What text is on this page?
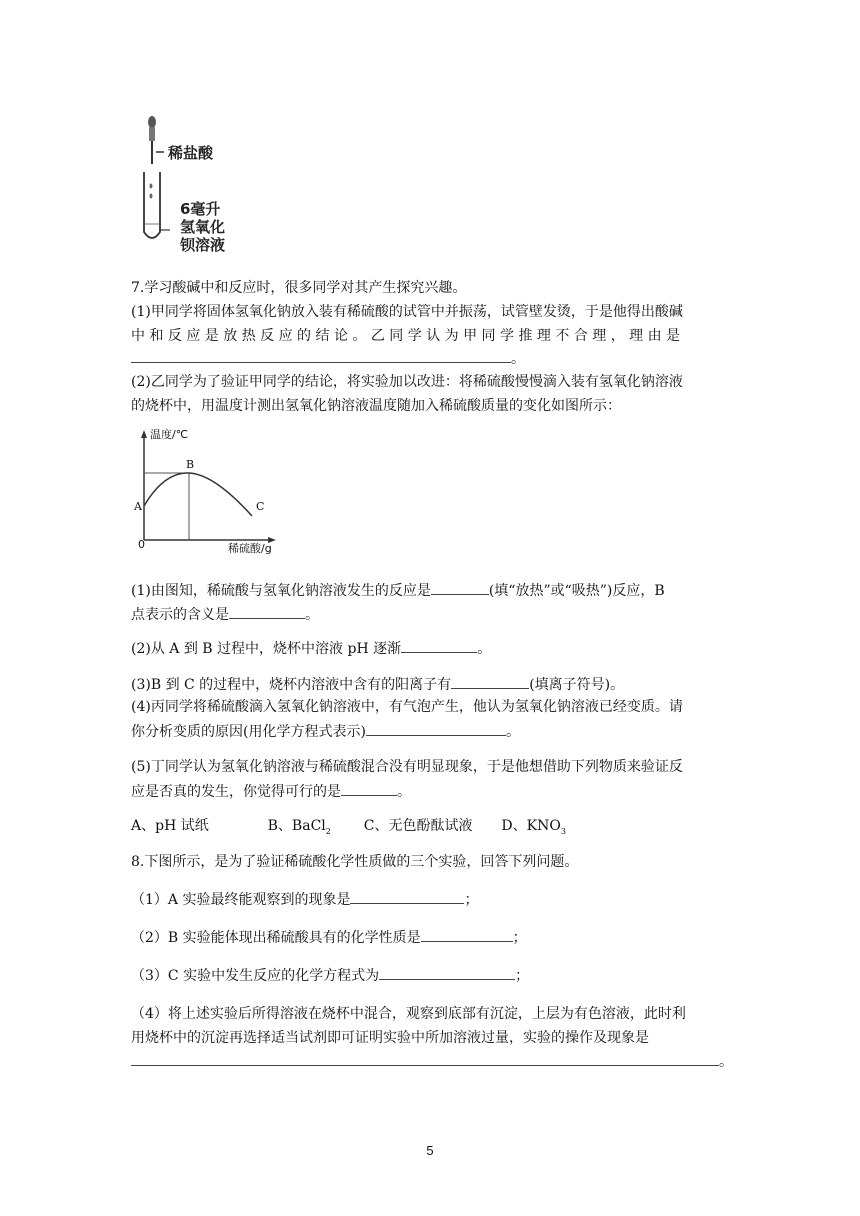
稀盐酸
6毫升
氢氧化
钡溶液
7.学习酸碱中和反应时，很多同学对其产生探究兴趣。
(1)甲同学将固体氢氧化钠放入装有稀硫酸的试管中并振荡，试管壁发烫，于是他得出酸碱
中 和 反 应 是 放 热 反 应 的 结 论 。 乙 同 学 认 为 甲 同 学 推 理 不 合 理 ， 理 由 是
。
(2)乙同学为了验证甲同学的结论，将实验加以改进：将稀硫酸慢慢滴入装有氢氧化钠溶液
的烧杯中，用温度计测出氢氧化钠溶液温度随加入稀硫酸质量的变化如图所示：
温度/℃
稀硫酸/g
0
A
B
C
(1)由图知，稀硫酸与氢氧化钠溶液发生的反应是	(填“放热”或“吸热”)反应，B
点表示的含义是	。
(2)从 A 到 B 过程中，烧杯中溶液 pH 逐渐	。
(3)B 到 C 的过程中，烧杯内溶液中含有的阳离子有	(填离子符号)。
(4)丙同学将稀硫酸滴入氢氧化钠溶液中，有气泡产生，他认为氢氧化钠溶液已经变质。请
你分析变质的原因(用化学方程式表示)	。
(5)丁同学认为氢氧化钠溶液与稀硫酸混合没有明显现象，于是他想借助下列物质来验证反
应是否真的发生，你觉得可行的是	。
A、pH 试纸	B、BaCl$_2$ C、无色酚酞试液 D、$KNO_3$
8.下图所示，是为了验证稀硫酸化学性质做的三个实验，回答下列问题。
（1）A 实验最终能观察到的现象是	；
（2）B 实验能体现出稀硫酸具有的化学性质是	；
（3）C 实验中发生反应的化学方程式为	；
（4）将上述实验后所得溶液在烧杯中混合，观察到底部有沉淀，上层为有色溶液，此时利
用烧杯中的沉淀再选择适当试剂即可证明实验中所加溶液过量，实验的操作及现象是
。
5
